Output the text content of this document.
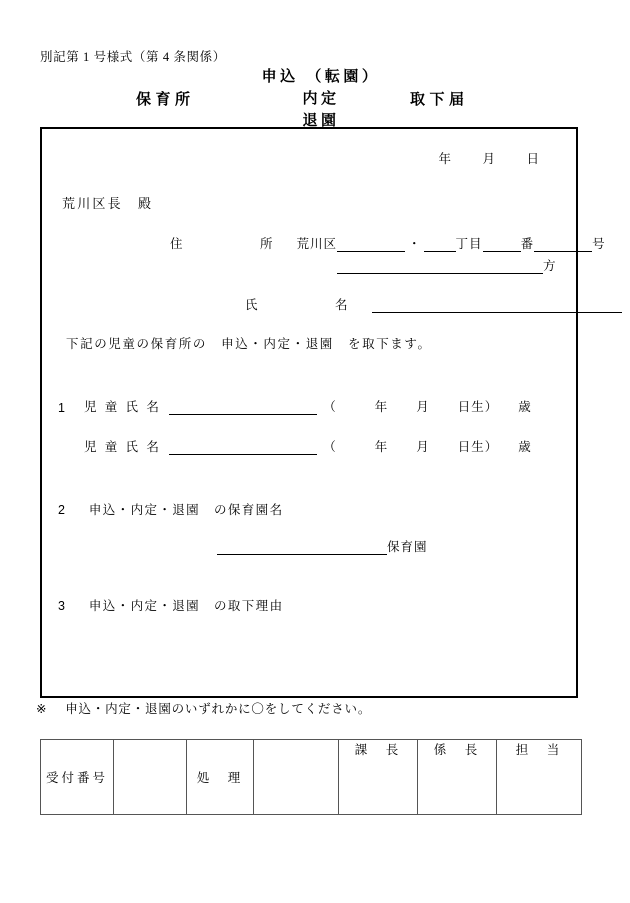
別記第 1 号様式（第 4 条関係）
保育所
申込 （転園）
内定
退園
取下届
年 月 日
荒川区長　殿
住　　　所 荒川区	・	丁目	番	号
方
氏　　　名
下記の児童の保育所の　申込・内定・退園　を取下ます。
1	児 童 氏 名	（	年 月 日生） 歳
児 童 氏 名	（	年 月 日生） 歳
2 申込・内定・退園　の保育園名
保育園
3 申込・内定・退園　の取下理由
※ 申込・内定・退園のいずれかに〇をしてください。
受付番号		処　理		課　長	係　長	担　当
